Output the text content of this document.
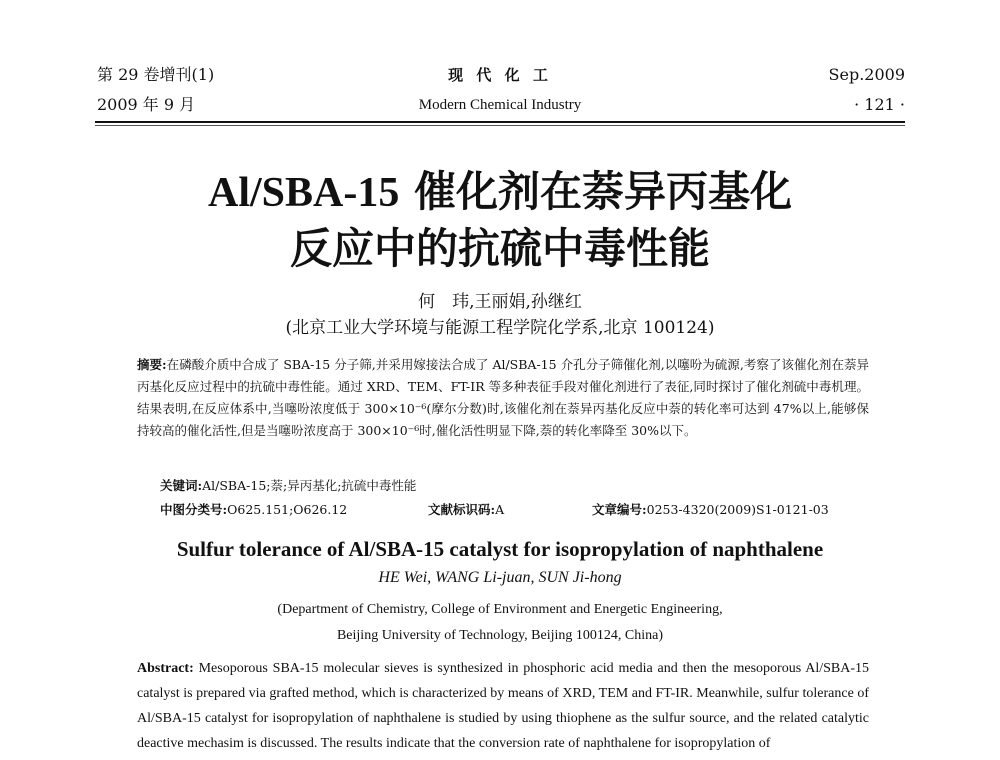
第 29 卷增刊(1)
2009 年 9 月
现 代 化 工
Modern Chemical Industry
Sep.2009
· 121 ·
Al/SBA-15 催化剂在萘异丙基化
反应中的抗硫中毒性能
何　玮,王丽娟,孙继红
(北京工业大学环境与能源工程学院化学系,北京 100124)
摘要:在磷酸介质中合成了 SBA-15 分子筛,并采用嫁接法合成了 Al/SBA-15 介孔分子筛催化剂,以噻吩为硫源,考察了该催化剂在萘异丙基化反应过程中的抗硫中毒性能。通过 XRD、TEM、FT-IR 等多种表征手段对催化剂进行了表征,同时探讨了催化剂硫中毒机理。结果表明,在反应体系中,当噻吩浓度低于 300×10⁻⁶(摩尔分数)时,该催化剂在萘异丙基化反应中萘的转化率可达到 47%以上,能够保持较高的催化活性,但是当噻吩浓度高于 300×10⁻⁶时,催化活性明显下降,萘的转化率降至 30%以下。
关键词:Al/SBA-15;萘;异丙基化;抗硫中毒性能
中图分类号:O625.151;O626.12	文献标识码:A	文章编号:0253-4320(2009)S1-0121-03
Sulfur tolerance of Al/SBA-15 catalyst for isopropylation of naphthalene
HE Wei, WANG Li-juan, SUN Ji-hong
(Department of Chemistry, College of Environment and Energetic Engineering,
Beijing University of Technology, Beijing 100124, China)
Abstract: Mesoporous SBA-15 molecular sieves is synthesized in phosphoric acid media and then the mesoporous Al/SBA-15 catalyst is prepared via grafted method, which is characterized by means of XRD, TEM and FT-IR. Meanwhile, sulfur tolerance of Al/SBA-15 catalyst for isopropylation of naphthalene is studied by using thiophene as the sulfur source, and the related catalytic deactive mechasim is discussed. The results indicate that the conversion rate of naphthalene for isopropylation of
